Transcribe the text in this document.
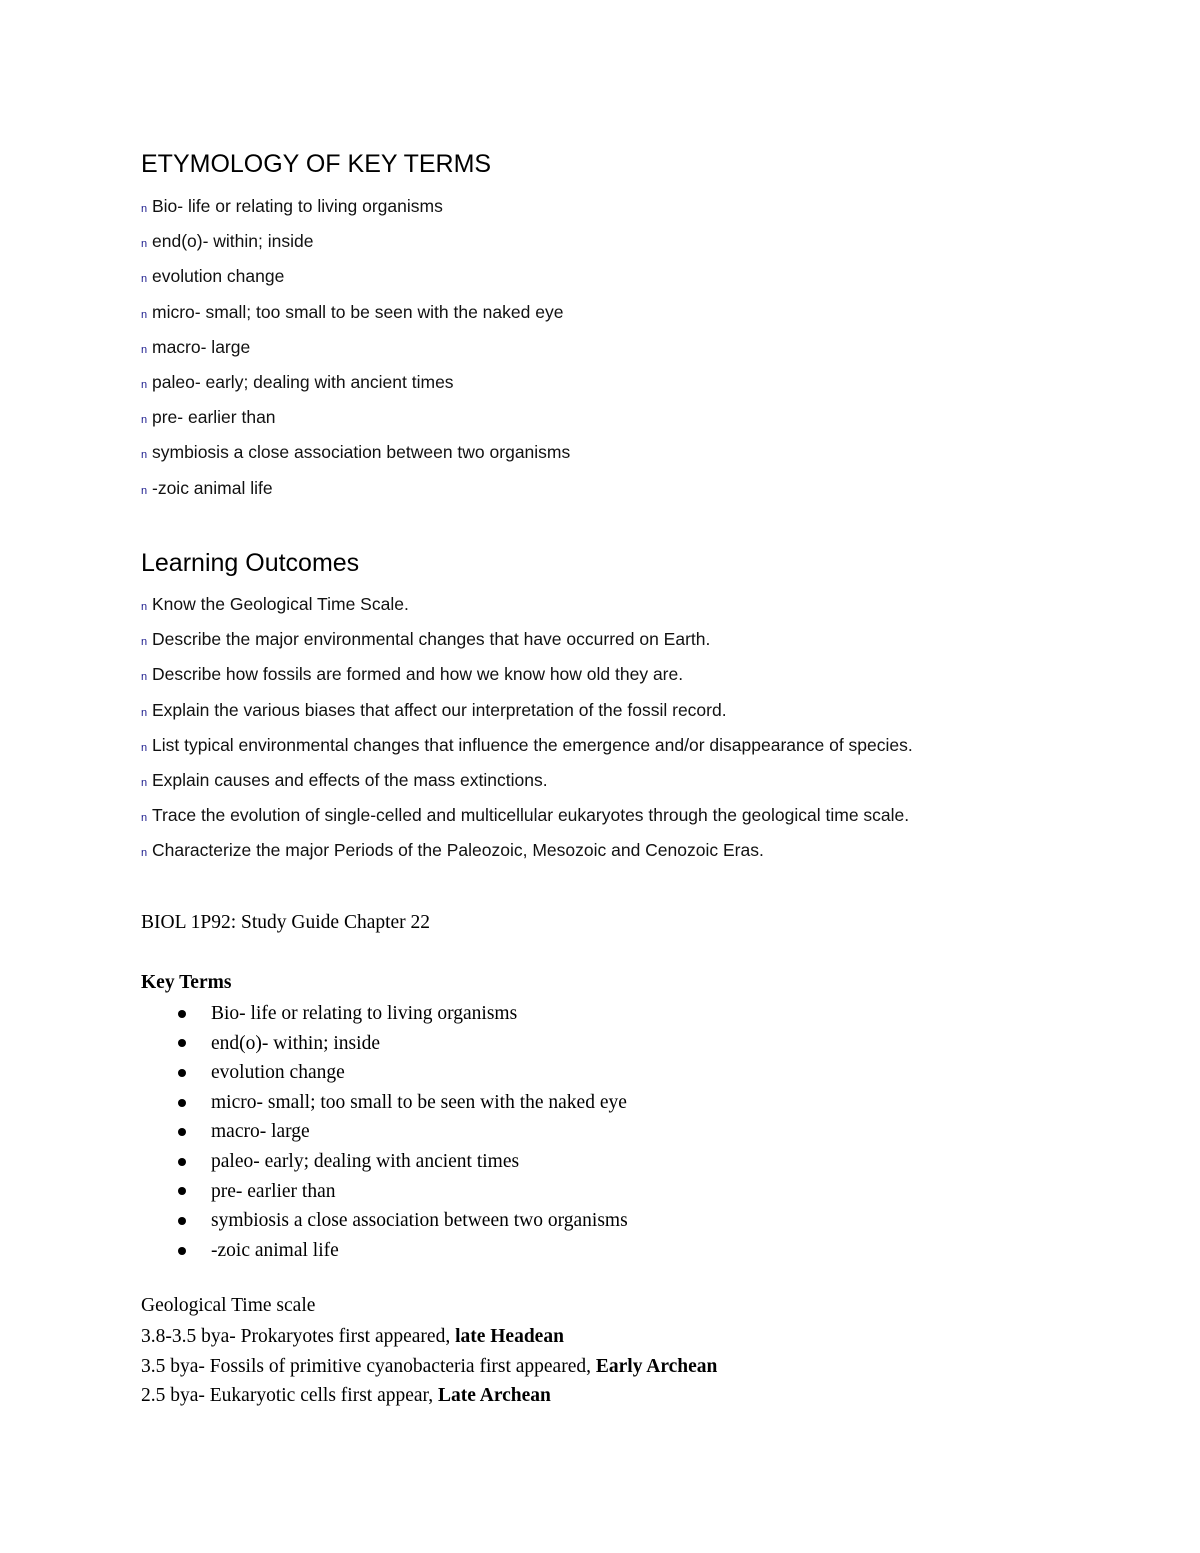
ETYMOLOGY OF KEY TERMS
n Bio- life or relating to living organisms
n end(o)- within; inside
n evolution change
n micro- small; too small to be seen with the naked eye
n macro- large
n paleo- early; dealing with ancient times
n pre- earlier than
n symbiosis a close association between two organisms
n -zoic animal life
Learning Outcomes
n Know the Geological Time Scale.
n Describe the major environmental changes that have occurred on Earth.
n Describe how fossils are formed and how we know how old they are.
n Explain the various biases that affect our interpretation of the fossil record.
n List typical environmental changes that influence the emergence and/or disappearance of species.
n Explain causes and effects of the mass extinctions.
n Trace the evolution of single-celled and multicellular eukaryotes through the geological time scale.
n Characterize the major Periods of the Paleozoic, Mesozoic and Cenozoic Eras.

BIOL 1P92: Study Guide Chapter 22

Key Terms

Bio- life or relating to living organisms
end(o)- within; inside
evolution change
micro- small; too small to be seen with the naked eye
macro- large
paleo- early; dealing with ancient times
pre- earlier than
symbiosis a close association between two organisms
-zoic animal life

Geological Time scale

3.8-3.5 bya- Prokaryotes first appeared, late Headean
3.5 bya- Fossils of primitive cyanobacteria first appeared, Early Archean
2.5 bya- Eukaryotic cells first appear, Late Archean
